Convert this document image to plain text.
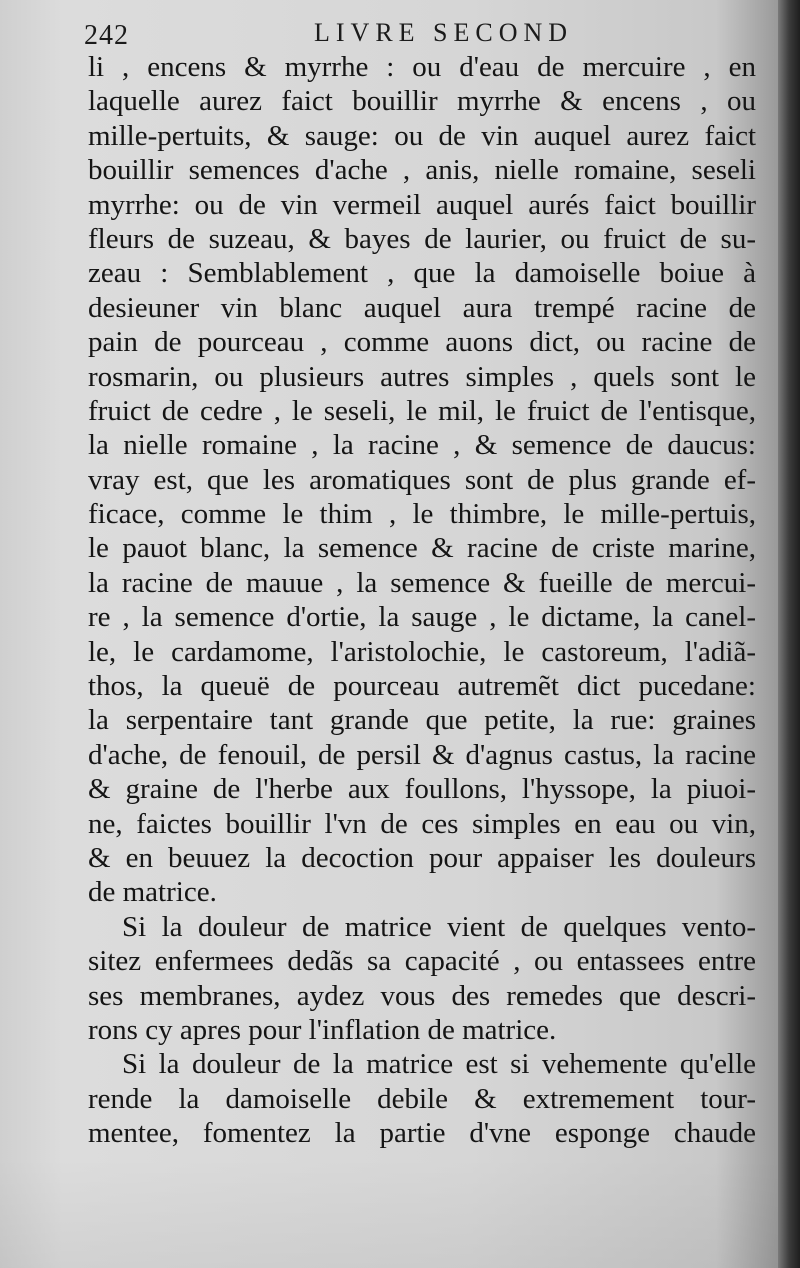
242	LIVRE SECOND
li , encens & myrrhe : ou d'eau de mercuire , en
laquelle aurez faict bouillir myrrhe & encens , ou
mille-pertuits, & sauge: ou de vin auquel aurez faict
bouillir semences d'ache , anis, nielle romaine, seseli
myrrhe: ou de vin vermeil auquel aurés faict bouillir
fleurs de suzeau, & bayes de laurier, ou fruict de su-
zeau : Semblablement , que la damoiselle boiue à
desieuner vin blanc auquel aura trempé racine de
pain de pourceau , comme auons dict, ou racine de
rosmarin, ou plusieurs autres simples , quels sont le
fruict de cedre , le seseli, le mil, le fruict de l'entisque,
la nielle romaine , la racine , & semence de daucus:
vray est, que les aromatiques sont de plus grande ef-
ficace, comme le thim , le thimbre, le mille-pertuis,
le pauot blanc, la semence & racine de criste marine,
la racine de mauue , la semence & fueille de mercui-
re , la semence d'ortie, la sauge , le dictame, la canel-
le, le cardamome, l'aristolochie, le castoreum, l'adiã-
thos, la queuë de pourceau autremẽt dict pucedane:
la serpentaire tant grande que petite, la rue: graines
d'ache, de fenouil, de persil & d'agnus castus, la racine
& graine de l'herbe aux foullons, l'hyssope, la piuoi-
ne, faictes bouillir l'vn de ces simples en eau ou vin,
& en beuuez la decoction pour appaiser les douleurs
de matrice.
Si la douleur de matrice vient de quelques vento-
sitez enfermees dedãs sa capacité , ou entassees entre
ses membranes, aydez vous des remedes que descri-
rons cy apres pour l'inflation de matrice.
Si la douleur de la matrice est si vehemente qu'elle
rende la damoiselle debile & extremement tour-
mentee, fomentez la partie d'vne esponge chaude
